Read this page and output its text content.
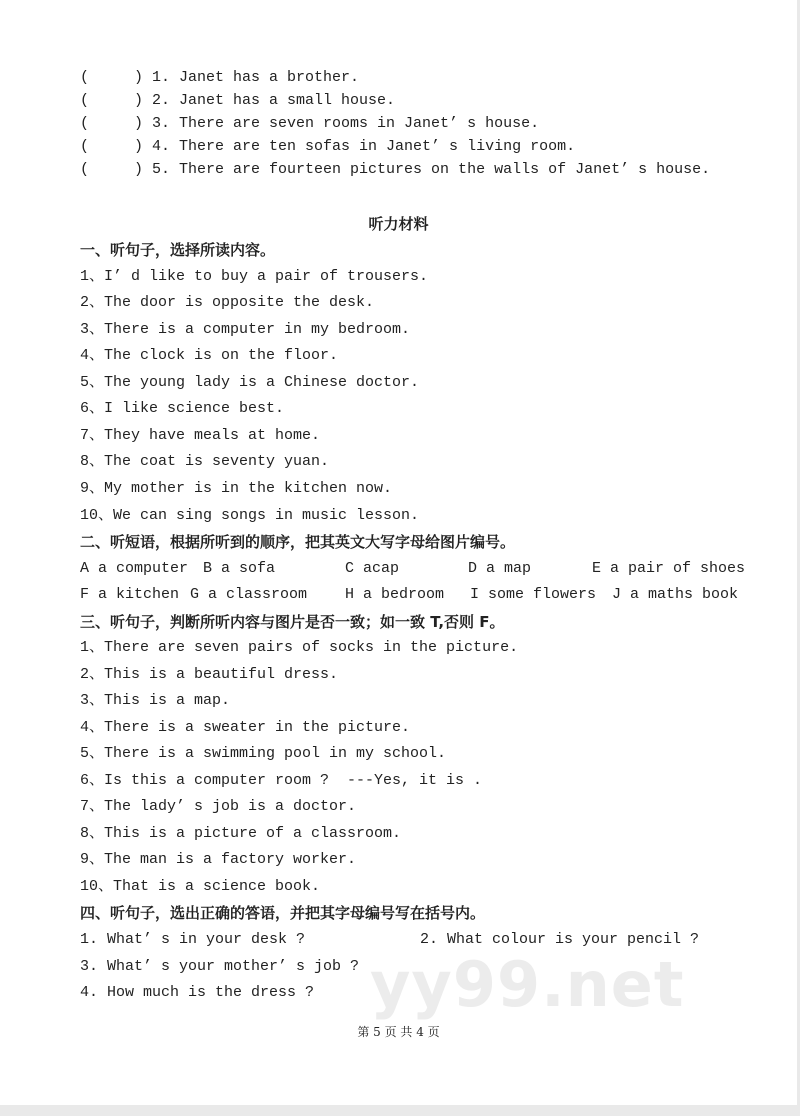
yy99.net
(     ) 1. Janet has a brother.
(     ) 2. Janet has a small house.
(     ) 3. There are seven rooms in Janet’ s house.
(     ) 4. There are ten sofas in Janet’ s living room.
(     ) 5. There are fourteen pictures on the walls of Janet’ s house.
听力材料
一、听句子，选择所读内容。
1、I’ d like to buy a pair of trousers.
2、The door is opposite the desk.
3、There is a computer in my bedroom.
4、The clock is on the floor.
5、The young lady is a Chinese doctor.
6、I like science best.
7、They have meals at home.
8、The coat is seventy yuan.
9、My mother is in the kitchen now.
10、We can sing songs in music lesson.
二、听短语，根据所听到的顺序，把其英文大写字母给图片编号。
A a computer B a sofa	C acap	D a map	E a pair of shoes
F a kitchen G a classroom	H a bedroom I some flowers J a maths book
三、听句子，判断所听内容与图片是否一致；如一致 T,否则 F。
1、There are seven pairs of socks in the picture.
2、This is a beautiful dress.
3、This is a map.
4、There is a sweater in the picture.
5、There is a swimming pool in my school.
6、Is this a computer room ?  ---Yes, it is .
7、The lady’ s job is a doctor.
8、This is a picture of a classroom.
9、The man is a factory worker.
10、That is a science book.
四、听句子，选出正确的答语，并把其字母编号写在括号内。
1. What’ s in your desk ?	2. What colour is your pencil ?
3. What’ s your mother’ s job ?
4. How much is the dress ?
第 5 页 共 4 页
